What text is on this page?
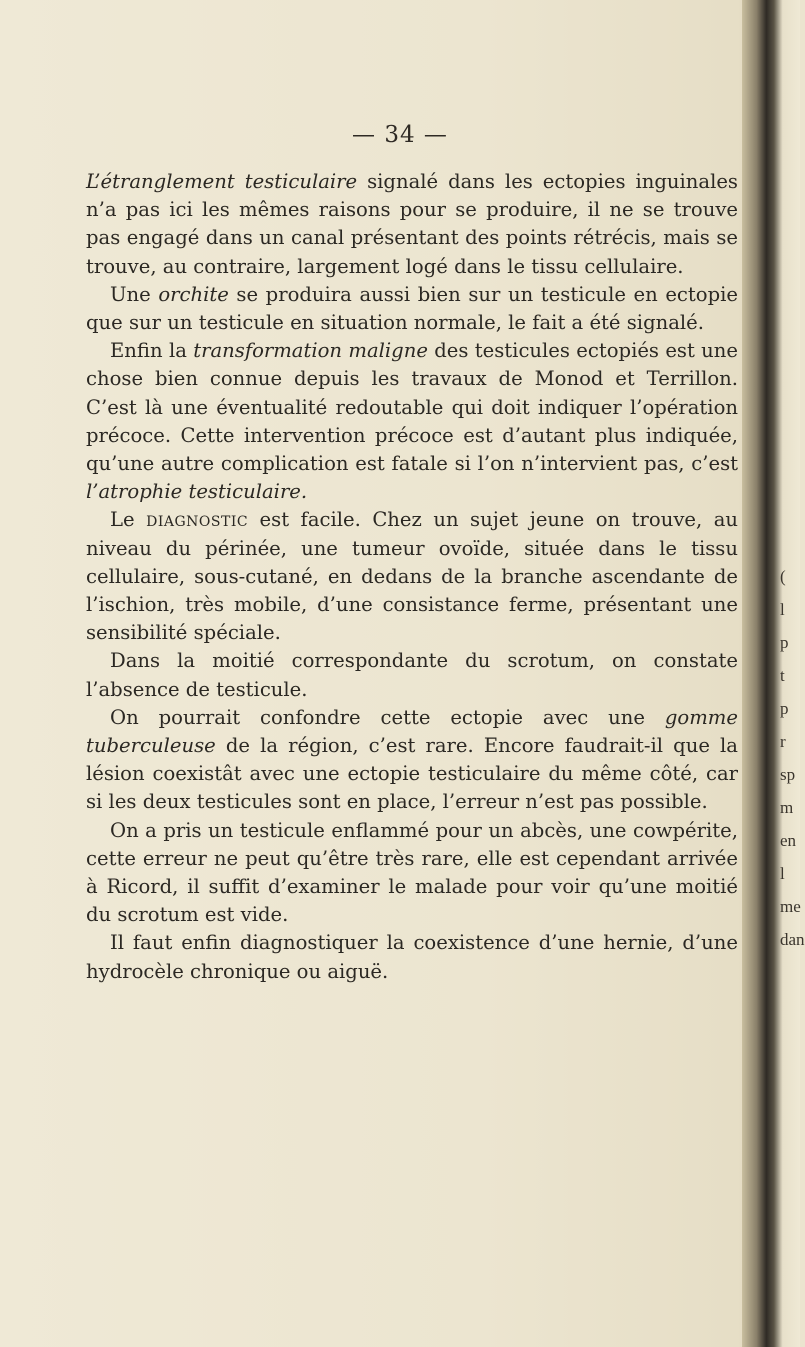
(
l
p
t
p
r
sp
m
en
l
me
dan
— 34 —

L’étranglement testiculaire signalé dans les ectopies inguinales n’a pas ici les mêmes raisons pour se produire, il ne se trouve pas engagé dans un canal présentant des points rétrécis, mais se trouve, au contraire, largement logé dans le tissu cellulaire.

Une orchite se produira aussi bien sur un testicule en ectopie que sur un testicule en situation normale, le fait a été signalé.

Enfin la transformation maligne des testicules ectopiés est une chose bien connue depuis les travaux de Monod et Terrillon. C’est là une éventualité redoutable qui doit indiquer l’opération précoce. Cette intervention précoce est d’autant plus indiquée, qu’une autre complication est fatale si l’on n’intervient pas, c’est l’atrophie testiculaire.

Le diagnostic est facile. Chez un sujet jeune on trouve, au niveau du périnée, une tumeur ovoïde, située dans le tissu cellulaire, sous-cutané, en dedans de la branche ascendante de l’ischion, très mobile, d’une consistance ferme, présentant une sensibilité spéciale.

Dans la moitié correspondante du scrotum, on constate l’absence de testicule.

On pourrait confondre cette ectopie avec une gomme tuberculeuse de la région, c’est rare. Encore faudrait-il que la lésion coexistât avec une ectopie testiculaire du même côté, car si les deux testicules sont en place, l’erreur n’est pas possible.

On a pris un testicule enflammé pour un abcès, une cowpérite, cette erreur ne peut qu’être très rare, elle est cependant arrivée à Ricord, il suffit d’examiner le malade pour voir qu’une moitié du scrotum est vide.

Il faut enfin diagnostiquer la coexistence d’une hernie, d’une hydrocèle chronique ou aiguë.
